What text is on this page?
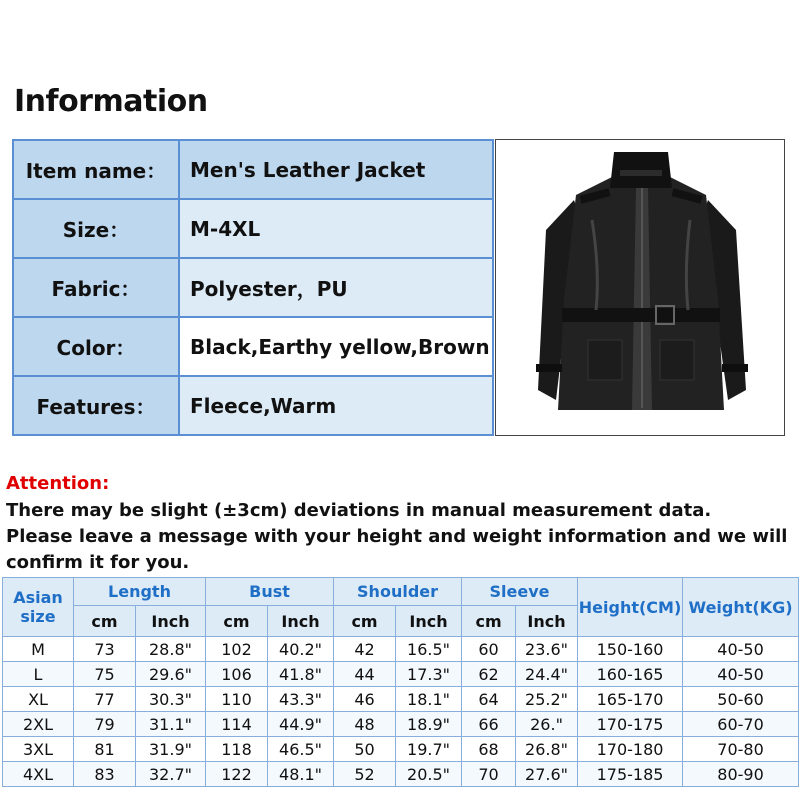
Information
Item name：	Men's Leather Jacket
Size：	M-4XL
Fabric：	Polyester，PU
Color：	Black,Earthy yellow,Brown
Features：	Fleece,Warm
Attention:
There may be slight (±3cm) deviations in manual measurement data.
Please leave a message with your height and weight information and we will confirm it for you.
Asian size	Length		Bust		Shoulder		Sleeve		Height(CM)	Weight(KG)
	cm	Inch	cm	Inch	cm	Inch	cm	Inch		
M	73	28.8"	102	40.2"	42	16.5"	60	23.6"	150-160	40-50
L	75	29.6"	106	41.8"	44	17.3"	62	24.4"	160-165	40-50
XL	77	30.3"	110	43.3"	46	18.1"	64	25.2"	165-170	50-60
2XL	79	31.1"	114	44.9"	48	18.9"	66	26."	170-175	60-70
3XL	81	31.9"	118	46.5"	50	19.7"	68	26.8"	170-180	70-80
4XL	83	32.7"	122	48.1"	52	20.5"	70	27.6"	175-185	80-90
